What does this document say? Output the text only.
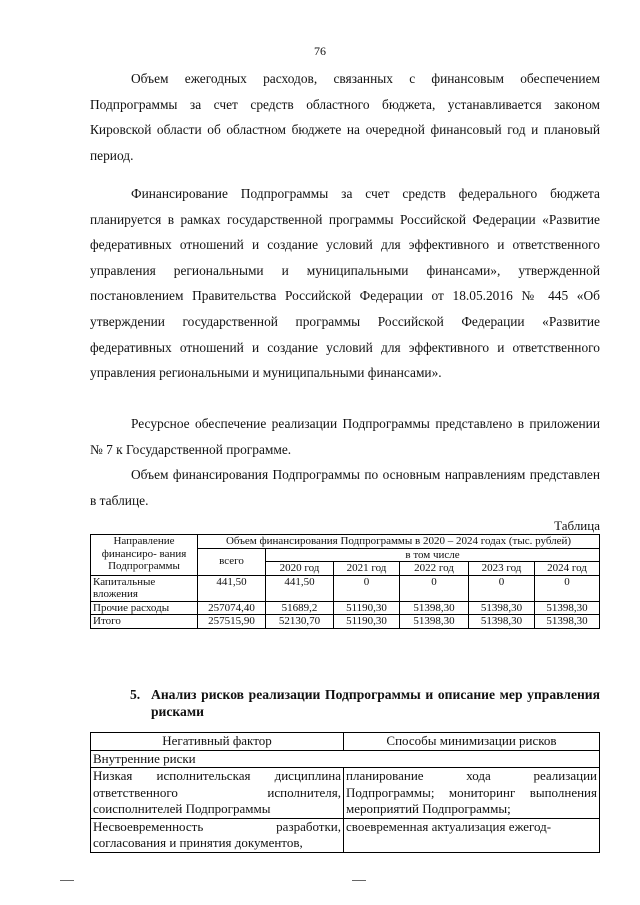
76

Объем ежегодных расходов, связанных с финансовым обеспечением Подпрограммы за счет средств областного бюджета, устанавливается законом Кировской области об областном бюджете на очередной финансовый год и плановый период.

Финансирование Подпрограммы за счет средств федерального бюджета планируется в рамках государственной программы Российской Федерации «Развитие федеративных отношений и создание условий для эффективного и ответственного управления региональными и муниципальными финансами», утвержденной постановлением Правительства Российской Федерации от 18.05.2016 № 445 «Об утверждении государственной программы Российской Федерации «Развитие федеративных отношений и создание условий для эффективного и ответственного управления региональными и муниципальными финансами».

Ресурсное обеспечение реализации Подпрограммы представлено в приложении № 7 к Государственной программе.

Объем финансирования Подпрограммы по основным направлениям представлен в таблице.

Таблица
Направление финансиро- вания Подпрограммы	Объем финансирования Подпрограммы в 2020 – 2024 годах (тыс. рублей)					
	всего	в том числе				
		2020 год	2021 год	2022 год	2023 год	2024 год
Капитальные вложения	441,50	441,50	0	0	0	0
Прочие расходы	257074,40	51689,2	51190,30	51398,30	51398,30	51398,30
Итого	257515,90	52130,70	51190,30	51398,30	51398,30	51398,30
5. Анализ рисков реализации Подпрограммы и описание мер управления рисками
Негативный фактор	Способы минимизации рисков
Внутренние риски	
Низкая исполнительская дисциплина ответственного исполнителя, соисполнителей Подпрограммы	планирование хода реализации Подпрограммы; мониторинг выполнения мероприятий Подпрограммы;
Несвоевременность разработки, согласования и принятия документов,	своевременная актуализация ежегод-
